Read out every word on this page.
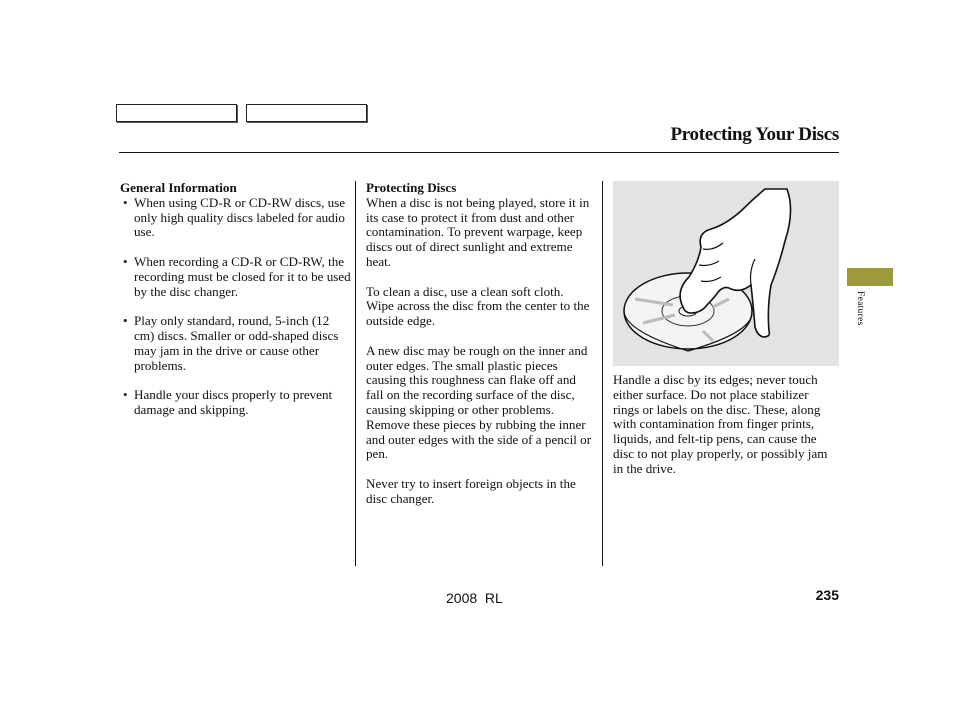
Protecting Your Discs
General Information
• When using CD-R or CD-RW discs, use only high quality discs labeled for audio use.
• When recording a CD-R or CD-RW, the recording must be closed for it to be used by the disc changer.
• Play only standard, round, 5-inch (12 cm) discs. Smaller or odd-shaped discs may jam in the drive or cause other problems.
• Handle your discs properly to prevent damage and skipping.
Protecting Discs

When a disc is not being played, store it in its case to protect it from dust and other contamination. To prevent warpage, keep discs out of direct sunlight and extreme heat.

To clean a disc, use a clean soft cloth. Wipe across the disc from the center to the outside edge.

A new disc may be rough on the inner and outer edges. The small plastic pieces causing this roughness can flake off and fall on the recording surface of the disc, causing skipping or other problems. Remove these pieces by rubbing the inner and outer edges with the side of a pencil or pen.

Never try to insert foreign objects in the disc changer.

Handle a disc by its edges; never touch either surface. Do not place stabilizer rings or labels on the disc. These, along with contamination from finger prints, liquids, and felt-tip pens, can cause the disc to not play properly, or possibly jam in the drive.

Features
2008  RL	235
